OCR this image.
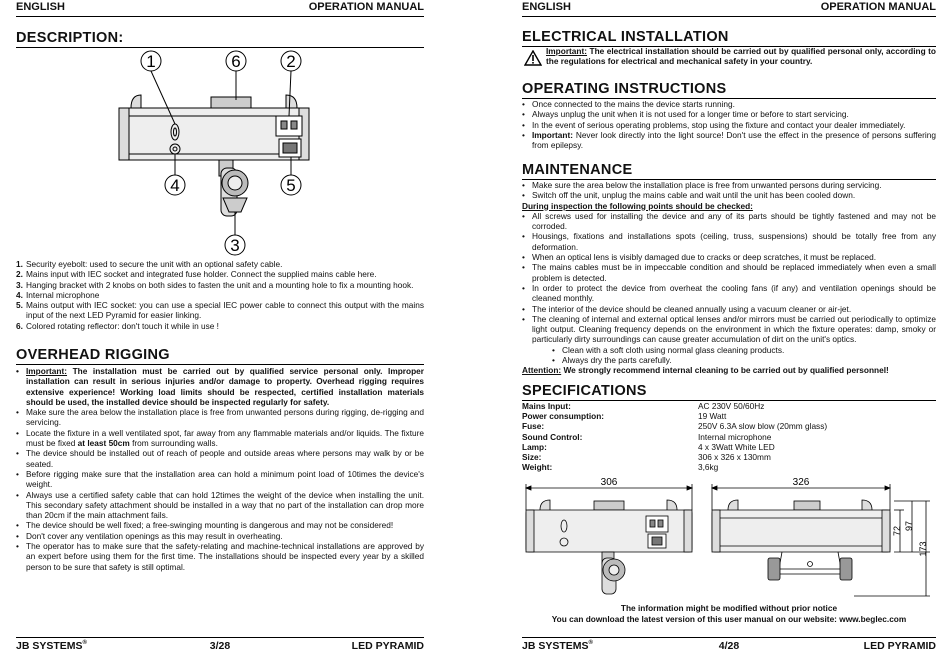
ENGLISH	OPERATION MANUAL
DESCRIPTION:
1	6	2
4	5
3
1. Security eyebolt: used to secure the unit with an optional safety cable.
2. Mains input with IEC socket and integrated fuse holder. Connect the supplied mains cable here.
3. Hanging bracket with 2 knobs on both sides to fasten the unit and a mounting hole to fix a mounting hook.
4. Internal microphone
5. Mains output with IEC socket: you can use a special IEC power cable to connect this output with the mains input of the next LED Pyramid for easier linking.
6. Colored rotating reflector: don't touch it while in use !
OVERHEAD RIGGING
• Important: The installation must be carried out by qualified service personal only. Improper installation can result in serious injuries and/or damage to property. Overhead rigging requires extensive experience! Working load limits should be respected, certified installation materials should be used, the installed device should be inspected regularly for safety.
• Make sure the area below the installation place is free from unwanted persons during rigging, de-rigging and servicing.
• Locate the fixture in a well ventilated spot, far away from any flammable materials and/or liquids. The fixture must be fixed at least 50cm from surrounding walls.
• The device should be installed out of reach of people and outside areas where persons may walk by or be seated.
• Before rigging make sure that the installation area can hold a minimum point load of 10times the device's weight.
• Always use a certified safety cable that can hold 12times the weight of the device when installing the unit. This secondary safety attachment should be installed in a way that no part of the installation can drop more than 20cm if the main attachment fails.
• The device should be well fixed; a free-swinging mounting is dangerous and may not be considered!
• Don't cover any ventilation openings as this may result in overheating.
• The operator has to make sure that the safety-relating and machine-technical installations are approved by an expert before using them for the first time. The installations should be inspected every year by a skilled person to be sure that safety is still optimal.
JB SYSTEMS®	3/28	LED PYRAMID
ENGLISH	OPERATION MANUAL
ELECTRICAL INSTALLATION
Important: The electrical installation should be carried out by qualified personal only, according to the regulations for electrical and mechanical safety in your country.
OPERATING INSTRUCTIONS
• Once connected to the mains the device starts running.
• Always unplug the unit when it is not used for a longer time or before to start servicing.
• In the event of serious operating problems, stop using the fixture and contact your dealer immediately.
• Important: Never look directly into the light source! Don't use the effect in the presence of persons suffering from epilepsy.
MAINTENANCE
• Make sure the area below the installation place is free from unwanted persons during servicing.
• Switch off the unit, unplug the mains cable and wait until the unit has been cooled down.
During inspection the following points should be checked:
• All screws used for installing the device and any of its parts should be tightly fastened and may not be corroded.
• Housings, fixations and installations spots (ceiling, truss, suspensions) should be totally free from any deformation.
• When an optical lens is visibly damaged due to cracks or deep scratches, it must be replaced.
• The mains cables must be in impeccable condition and should be replaced immediately when even a small problem is detected.
• In order to protect the device from overheat the cooling fans (if any) and ventilation openings should be cleaned monthly.
• The interior of the device should be cleaned annually using a vacuum cleaner or air-jet.
• The cleaning of internal and external optical lenses and/or mirrors must be carried out periodically to optimize light output. Cleaning frequency depends on the environment in which the fixture operates: damp, smoky or particularly dirty surroundings can cause greater accumulation of dirt on the unit's optics.
• Clean with a soft cloth using normal glass cleaning products.
• Always dry the parts carefully.
Attention: We strongly recommend internal cleaning to be carried out by qualified personnel!
SPECIFICATIONS
Mains Input:	AC 230V 50/60Hz
Power consumption:	19 Watt
Fuse:	250V 6.3A slow blow (20mm glass)
Sound Control:	Internal microphone
Lamp:	4 x 3Watt White LED
Size:	306 x 326 x 130mm
Weight:	3,6kg
306	326
72 97
173
The information might be modified without prior notice
You can download the latest version of this user manual on our website: www.beglec.com
JB SYSTEMS®	4/28	LED PYRAMID
